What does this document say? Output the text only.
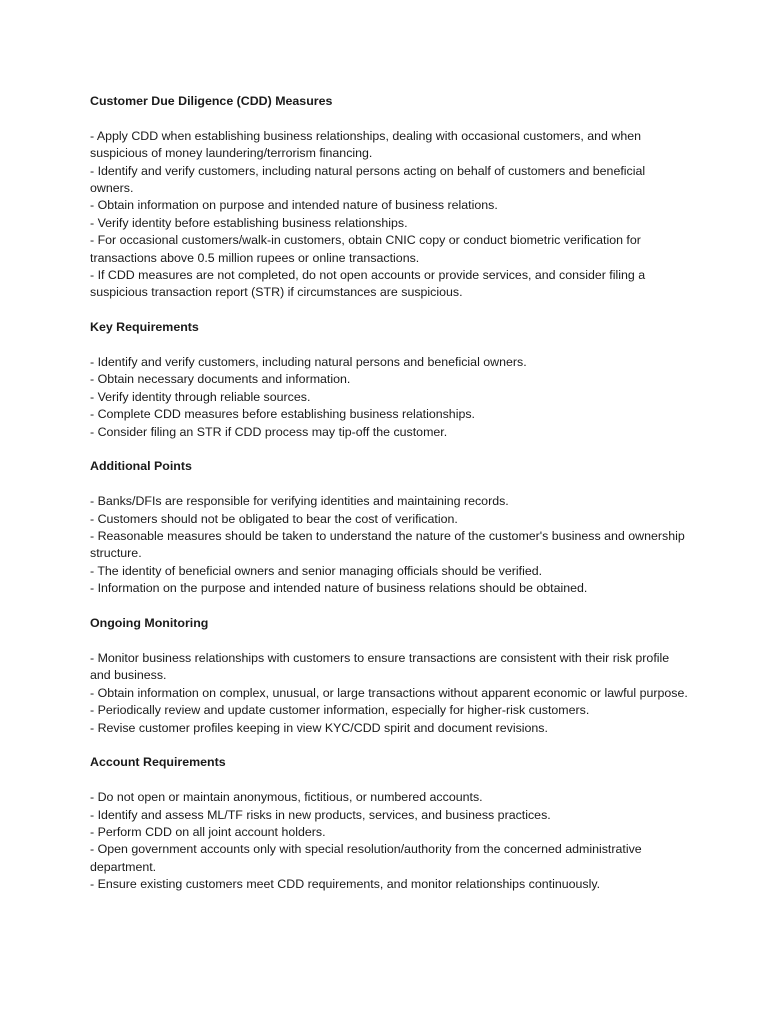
Customer Due Diligence (CDD) Measures
- Apply CDD when establishing business relationships, dealing with occasional customers, and when suspicious of money laundering/terrorism financing.
- Identify and verify customers, including natural persons acting on behalf of customers and beneficial owners.
- Obtain information on purpose and intended nature of business relations.
- Verify identity before establishing business relationships.
- For occasional customers/walk-in customers, obtain CNIC copy or conduct biometric verification for transactions above 0.5 million rupees or online transactions.
- If CDD measures are not completed, do not open accounts or provide services, and consider filing a suspicious transaction report (STR) if circumstances are suspicious.
Key Requirements
- Identify and verify customers, including natural persons and beneficial owners.
- Obtain necessary documents and information.
- Verify identity through reliable sources.
- Complete CDD measures before establishing business relationships.
- Consider filing an STR if CDD process may tip-off the customer.
Additional Points
- Banks/DFIs are responsible for verifying identities and maintaining records.
- Customers should not be obligated to bear the cost of verification.
- Reasonable measures should be taken to understand the nature of the customer's business and ownership structure.
- The identity of beneficial owners and senior managing officials should be verified.
- Information on the purpose and intended nature of business relations should be obtained.
Ongoing Monitoring
- Monitor business relationships with customers to ensure transactions are consistent with their risk profile and business.
- Obtain information on complex, unusual, or large transactions without apparent economic or lawful purpose.
- Periodically review and update customer information, especially for higher-risk customers.
- Revise customer profiles keeping in view KYC/CDD spirit and document revisions.
Account Requirements
- Do not open or maintain anonymous, fictitious, or numbered accounts.
- Identify and assess ML/TF risks in new products, services, and business practices.
- Perform CDD on all joint account holders.
- Open government accounts only with special resolution/authority from the concerned administrative department.
- Ensure existing customers meet CDD requirements, and monitor relationships continuously.
